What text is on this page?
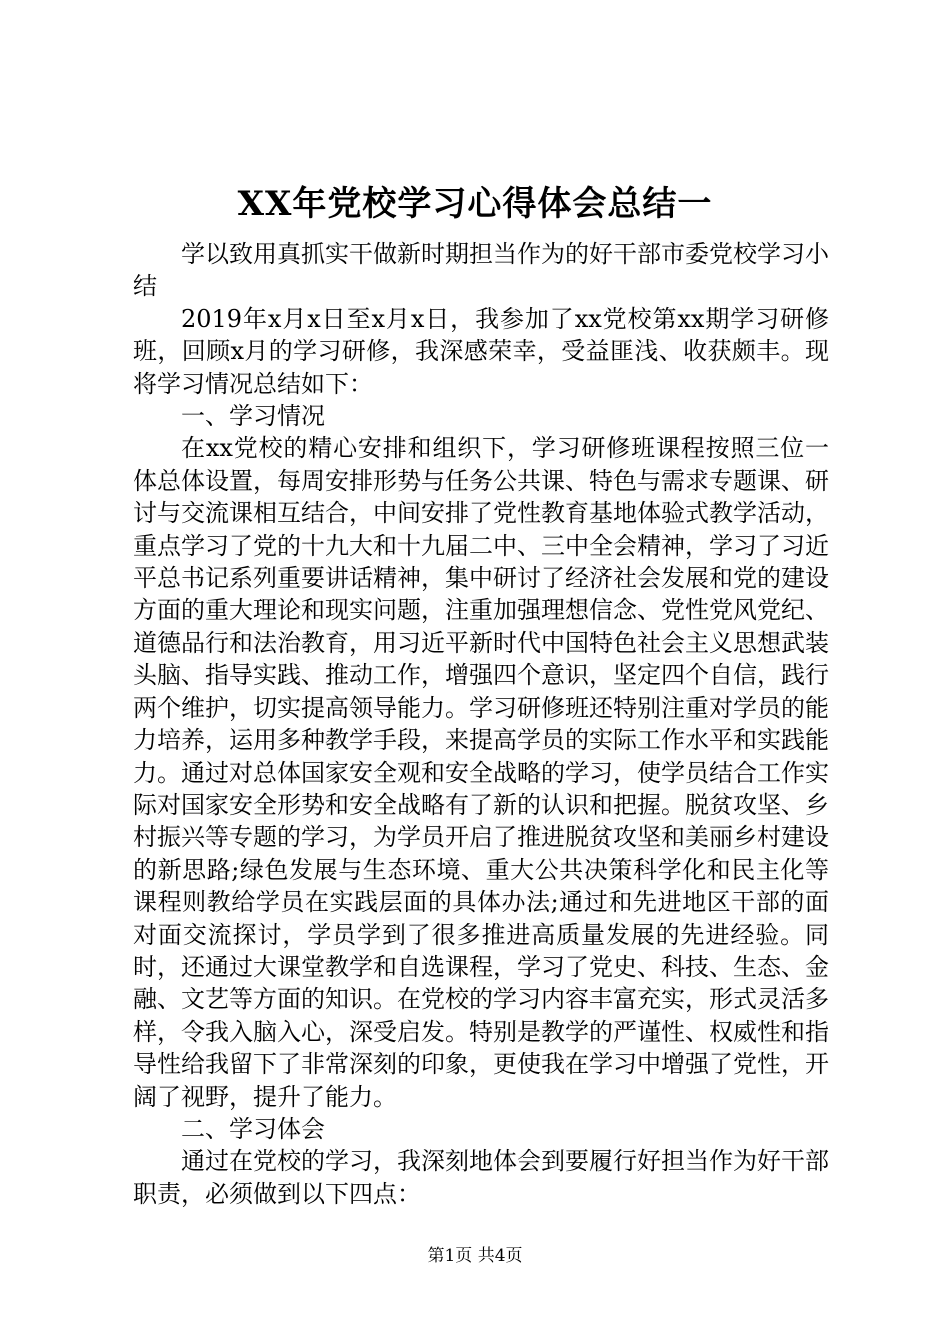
XX年党校学习心得体会总结一

学以致用真抓实干做新时期担当作为的好干部市委党校学习小结

2019年x月x日至x月x日，我参加了xx党校第xx期学习研修班，回顾x月的学习研修，我深感荣幸，受益匪浅、收获颇丰。现将学习情况总结如下：

一、学习情况

在xx党校的精心安排和组织下，学习研修班课程按照三位一体总体设置，每周安排形势与任务公共课、特色与需求专题课、研讨与交流课相互结合，中间安排了党性教育基地体验式教学活动，重点学习了党的十九大和十九届二中、三中全会精神，学习了习近平总书记系列重要讲话精神，集中研讨了经济社会发展和党的建设方面的重大理论和现实问题，注重加强理想信念、党性党风党纪、道德品行和法治教育，用习近平新时代中国特色社会主义思想武装头脑、指导实践、推动工作，增强四个意识，坚定四个自信，践行两个维护，切实提高领导能力。学习研修班还特别注重对学员的能力培养，运用多种教学手段，来提高学员的实际工作水平和实践能力。通过对总体国家安全观和安全战略的学习，使学员结合工作实际对国家安全形势和安全战略有了新的认识和把握。脱贫攻坚、乡村振兴等专题的学习，为学员开启了推进脱贫攻坚和美丽乡村建设的新思路;绿色发展与生态环境、重大公共决策科学化和民主化等课程则教给学员在实践层面的具体办法;通过和先进地区干部的面对面交流探讨，学员学到了很多推进高质量发展的先进经验。同时，还通过大课堂教学和自选课程，学习了党史、科技、生态、金融、文艺等方面的知识。在党校的学习内容丰富充实，形式灵活多样，令我入脑入心，深受启发。特别是教学的严谨性、权威性和指导性给我留下了非常深刻的印象，更使我在学习中增强了党性，开阔了视野，提升了能力。

二、学习体会

通过在党校的学习，我深刻地体会到要履行好担当作为好干部职责，必须做到以下四点：

第1页 共4页
